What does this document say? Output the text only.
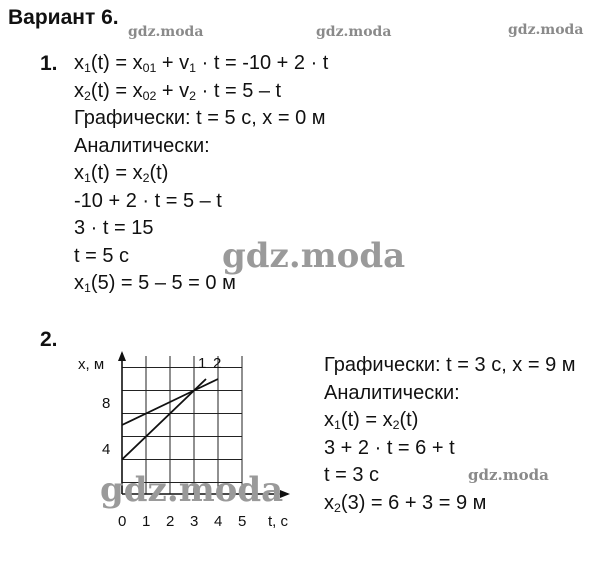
Вариант 6.
gdz.moda	gdz.moda	gdz.moda
1. $x_1(t) = x_{01} + v_1 \cdot t = -10 + 2 \cdot t$
$x_2(t) = x_{02} + v_2 \cdot t = 5 - t$
Графически: t = 5 с, x = 0 м
Аналитически:
$x_1(t) = x_2(t)$
-10 + 2 · t = 5 – t
3 · t = 15
t = 5 с
$x_1(5) = 5 - 5 = 0$ м
gdz.moda
2.
Графически: t = 3 с, x = 9 м
Аналитически:
$x_1(t) = x_2(t)$
3 + 2 · t = 6 + t
t = 3 с
$x_2(3) = 6 + 3 = 9$ м
x, м
t, с
0 1 2 3 4 5
4
8
1 2
gdz.moda
gdz.moda
